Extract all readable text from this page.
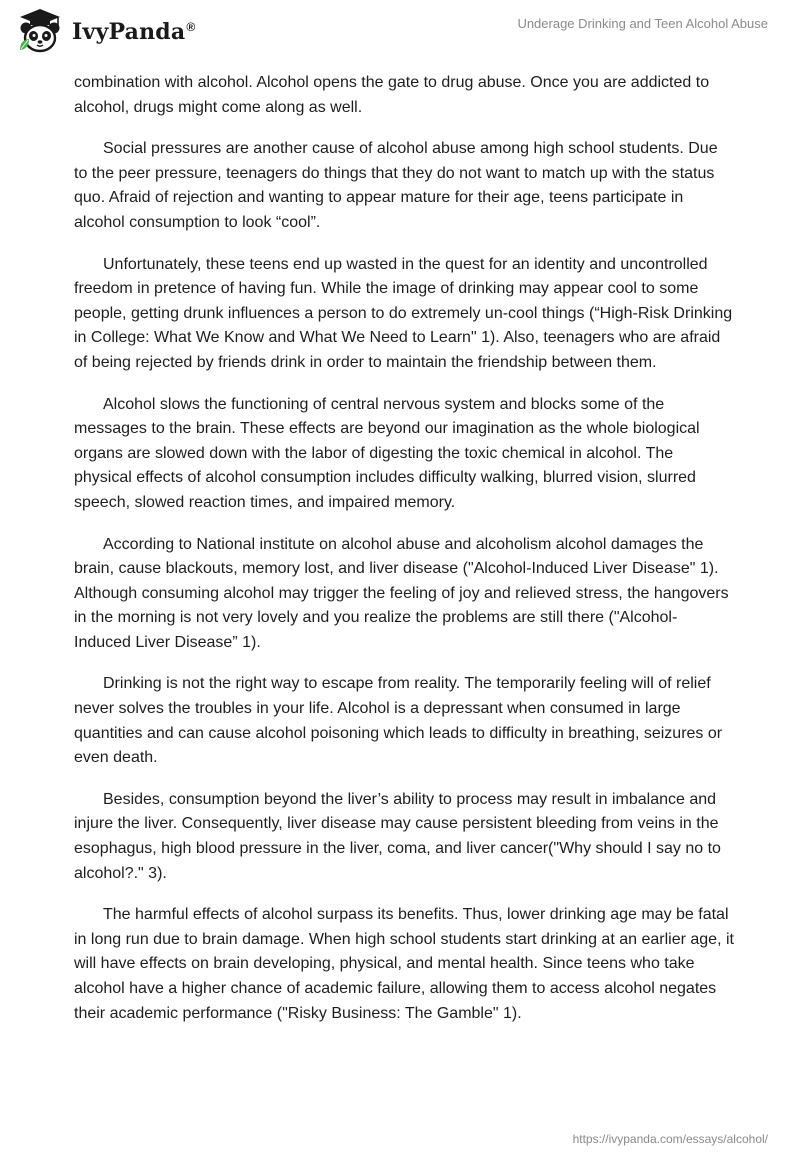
IvyPanda®	Underage Drinking and Teen Alcohol Abuse

combination with alcohol. Alcohol opens the gate to drug abuse. Once you are addicted to alcohol, drugs might come along as well.

Social pressures are another cause of alcohol abuse among high school students. Due to the peer pressure, teenagers do things that they do not want to match up with the status quo. Afraid of rejection and wanting to appear mature for their age, teens participate in alcohol consumption to look “cool”.

Unfortunately, these teens end up wasted in the quest for an identity and uncontrolled freedom in pretence of having fun. While the image of drinking may appear cool to some people, getting drunk influences a person to do extremely un-cool things (“High-Risk Drinking in College: What We Know and What We Need to Learn" 1). Also, teenagers who are afraid of being rejected by friends drink in order to maintain the friendship between them.

Alcohol slows the functioning of central nervous system and blocks some of the messages to the brain. These effects are beyond our imagination as the whole biological organs are slowed down with the labor of digesting the toxic chemical in alcohol. The physical effects of alcohol consumption includes difficulty walking, blurred vision, slurred speech, slowed reaction times, and impaired memory.

According to National institute on alcohol abuse and alcoholism alcohol damages the brain, cause blackouts, memory lost, and liver disease ("Alcohol-Induced Liver Disease" 1). Although consuming alcohol may trigger the feeling of joy and relieved stress, the hangovers in the morning is not very lovely and you realize the problems are still there ("Alcohol-Induced Liver Disease” 1).

Drinking is not the right way to escape from reality. The temporarily feeling will of relief never solves the troubles in your life. Alcohol is a depressant when consumed in large quantities and can cause alcohol poisoning which leads to difficulty in breathing, seizures or even death.

Besides, consumption beyond the liver’s ability to process may result in imbalance and injure the liver. Consequently, liver disease may cause persistent bleeding from veins in the esophagus, high blood pressure in the liver, coma, and liver cancer("Why should I say no to alcohol?." 3).

The harmful effects of alcohol surpass its benefits. Thus, lower drinking age may be fatal in long run due to brain damage. When high school students start drinking at an earlier age, it will have effects on brain developing, physical, and mental health. Since teens who take alcohol have a higher chance of academic failure, allowing them to access alcohol negates their academic performance ("Risky Business: The Gamble" 1).

https://ivypanda.com/essays/alcohol/
